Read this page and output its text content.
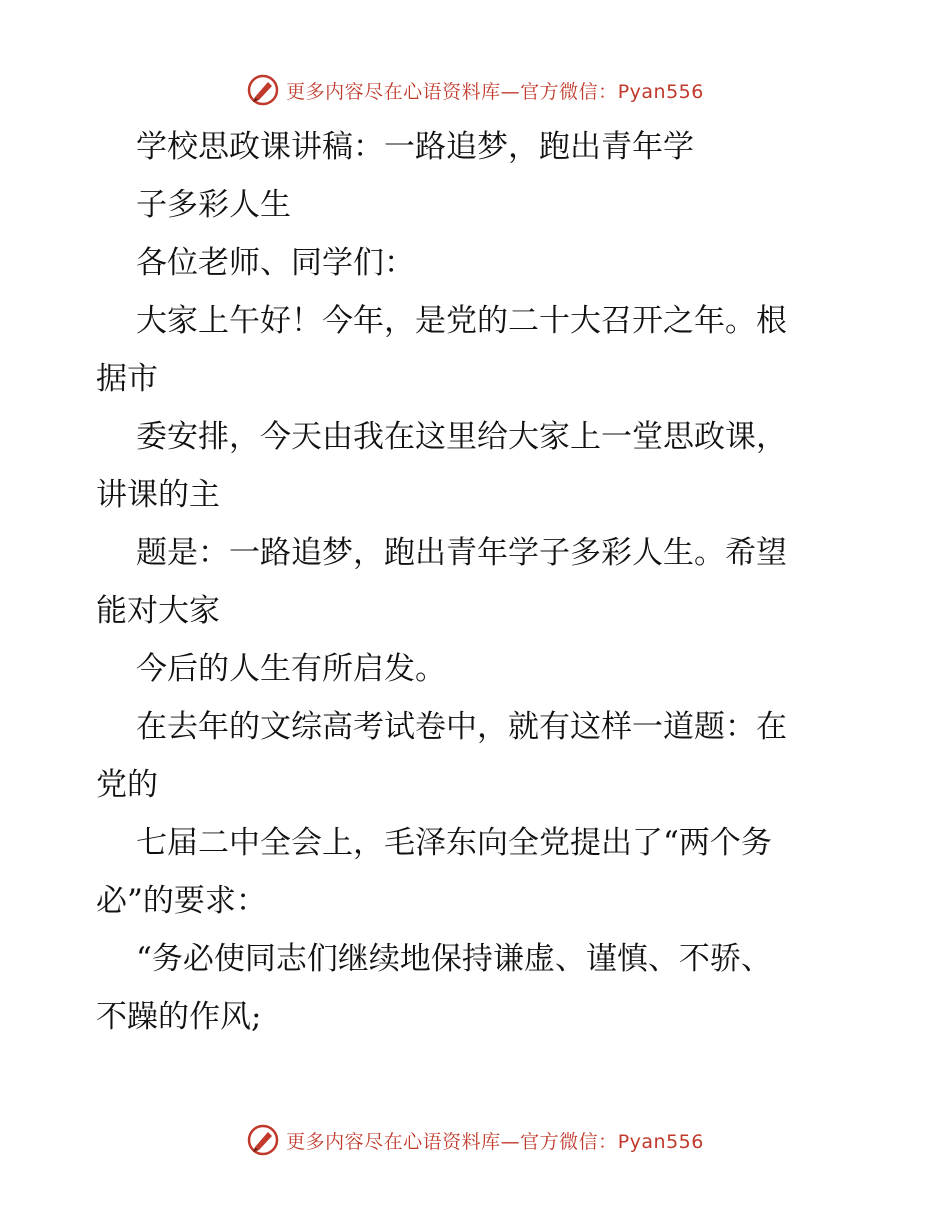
更多内容尽在心语资料库—官方微信：Pyan556
学校思政课讲稿：一路追梦，跑出青年学
子多彩人生
各位老师、同学们：
大家上午好！今年，是党的二十大召开之年。根
据市
委安排，今天由我在这里给大家上一堂思政课，
讲课的主
题是：一路追梦，跑出青年学子多彩人生。希望
能对大家
今后的人生有所启发。
在去年的文综高考试卷中，就有这样一道题：在
党的
七届二中全会上，毛泽东向全党提出了“两个务
必”的要求：
“务必使同志们继续地保持谦虚、谨慎、不骄、
不躁的作风;
更多内容尽在心语资料库—官方微信：Pyan556
